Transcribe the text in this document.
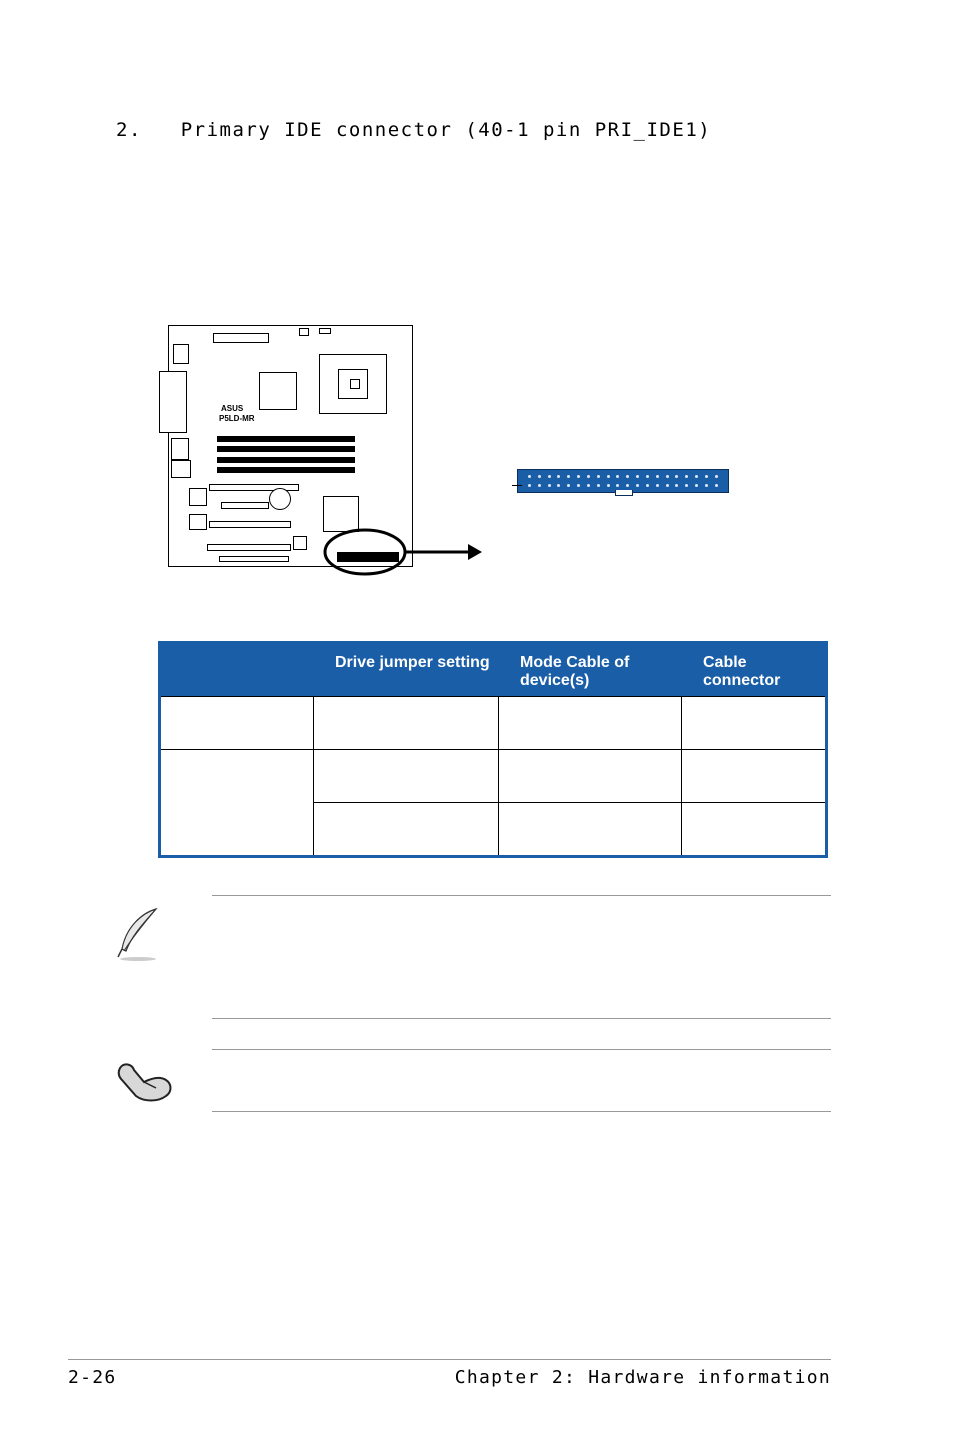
2.   Primary IDE connector (40-1 pin PRI_IDE1)
ASUS
P5LD-MR
	Drive jumper setting	Mode Cable of device(s)	Cable connector

2-26	Chapter 2: Hardware information
